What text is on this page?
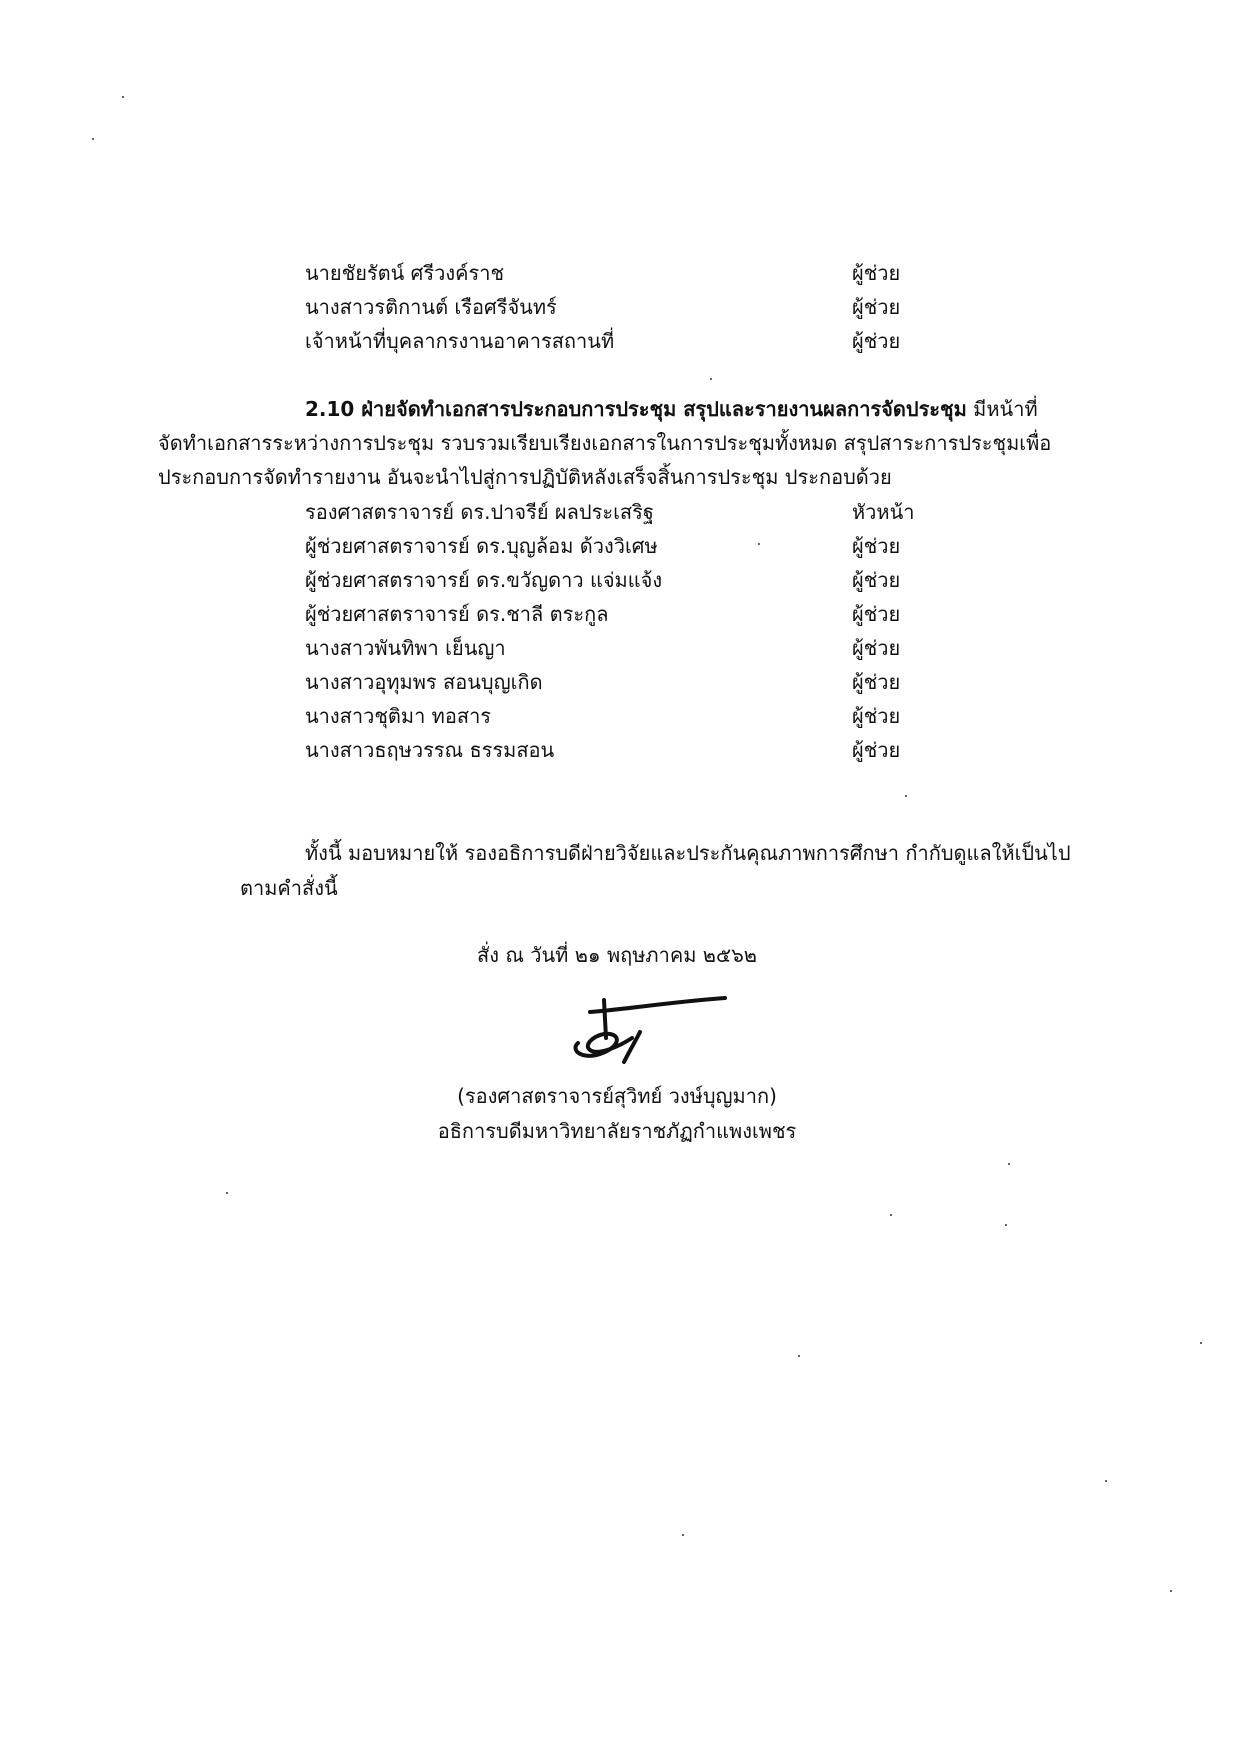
นายชัยรัตน์ ศรีวงค์ราช	ผู้ช่วย
นางสาวรติกานต์ เรือศรีจันทร์	ผู้ช่วย
เจ้าหน้าที่บุคลากรงานอาคารสถานที่	ผู้ช่วย
2.10 ฝ่ายจัดทำเอกสารประกอบการประชุม สรุปและรายงานผลการจัดประชุม มีหน้าที่
จัดทำเอกสารระหว่างการประชุม รวบรวมเรียบเรียงเอกสารในการประชุมทั้งหมด สรุปสาระการประชุมเพื่อ
ประกอบการจัดทำรายงาน อันจะนำไปสู่การปฏิบัติหลังเสร็จสิ้นการประชุม ประกอบด้วย
รองศาสตราจารย์ ดร.ปาจรีย์ ผลประเสริฐ	หัวหน้า
ผู้ช่วยศาสตราจารย์ ดร.บุญล้อม ด้วงวิเศษ	ผู้ช่วย
ผู้ช่วยศาสตราจารย์ ดร.ขวัญดาว แจ่มแจ้ง	ผู้ช่วย
ผู้ช่วยศาสตราจารย์ ดร.ชาลี ตระกูล	ผู้ช่วย
นางสาวพันทิพา เย็นญา	ผู้ช่วย
นางสาวอุทุมพร สอนบุญเกิด	ผู้ช่วย
นางสาวชุติมา ทอสาร	ผู้ช่วย
นางสาวธฤษวรรณ ธรรมสอน	ผู้ช่วย
ทั้งนี้ มอบหมายให้ รองอธิการบดีฝ่ายวิจัยและประกันคุณภาพการศึกษา กำกับดูแลให้เป็นไป
ตามคำสั่งนี้
สั่ง ณ วันที่ ๒๑ พฤษภาคม ๒๕๖๒
(รองศาสตราจารย์สุวิทย์ วงษ์บุญมาก)
อธิการบดีมหาวิทยาลัยราชภัฏกำแพงเพชร
